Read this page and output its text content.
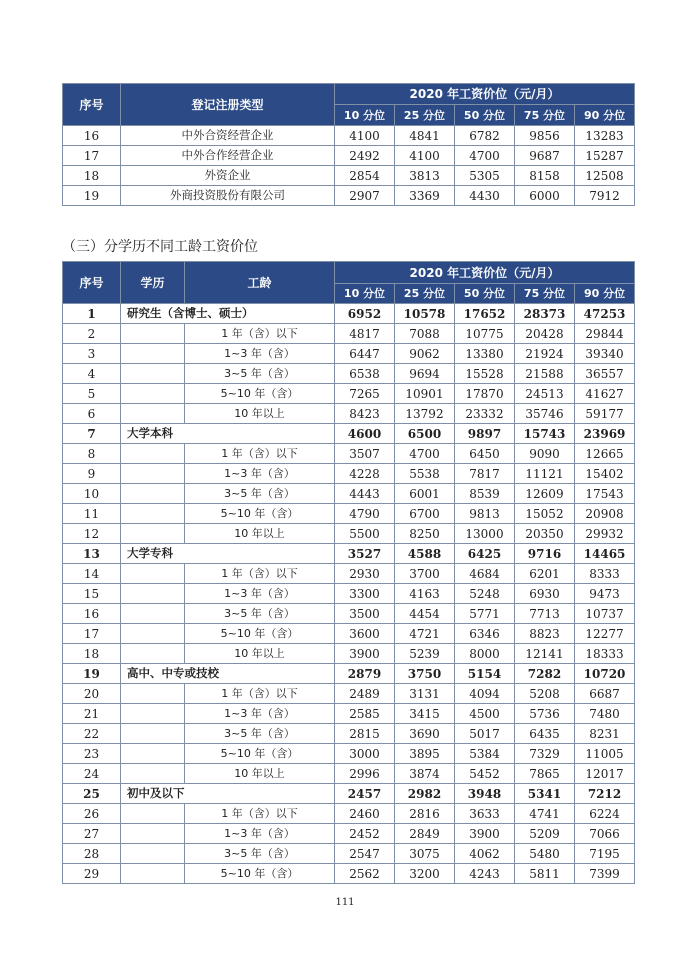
序号	登记注册类型	2020 年工资价位（元/月）				
		10 分位	25 分位	50 分位	75 分位	90 分位
16	中外合资经营企业	4100	4841	6782	9856	13283
17	中外合作经营企业	2492	4100	4700	9687	15287
18	外资企业	2854	3813	5305	8158	12508
19	外商投资股份有限公司	2907	3369	4430	6000	7912
（三）分学历不同工龄工资价位
序号	学历	工龄	2020 年工资价位（元/月）				
			10 分位	25 分位	50 分位	75 分位	90 分位
1	研究生（含博士、硕士）		6952	10578	17652	28373	47253
2		1 年（含）以下	4817	7088	10775	20428	29844
3		1~3 年（含）	6447	9062	13380	21924	39340
4		3~5 年（含）	6538	9694	15528	21588	36557
5		5~10 年（含）	7265	10901	17870	24513	41627
6		10 年以上	8423	13792	23332	35746	59177
7	大学本科		4600	6500	9897	15743	23969
8		1 年（含）以下	3507	4700	6450	9090	12665
9		1~3 年（含）	4228	5538	7817	11121	15402
10		3~5 年（含）	4443	6001	8539	12609	17543
11		5~10 年（含）	4790	6700	9813	15052	20908
12		10 年以上	5500	8250	13000	20350	29932
13	大学专科		3527	4588	6425	9716	14465
14		1 年（含）以下	2930	3700	4684	6201	8333
15		1~3 年（含）	3300	4163	5248	6930	9473
16		3~5 年（含）	3500	4454	5771	7713	10737
17		5~10 年（含）	3600	4721	6346	8823	12277
18		10 年以上	3900	5239	8000	12141	18333
19	高中、中专或技校		2879	3750	5154	7282	10720
20		1 年（含）以下	2489	3131	4094	5208	6687
21		1~3 年（含）	2585	3415	4500	5736	7480
22		3~5 年（含）	2815	3690	5017	6435	8231
23		5~10 年（含）	3000	3895	5384	7329	11005
24		10 年以上	2996	3874	5452	7865	12017
25	初中及以下		2457	2982	3948	5341	7212
26		1 年（含）以下	2460	2816	3633	4741	6224
27		1~3 年（含）	2452	2849	3900	5209	7066
28		3~5 年（含）	2547	3075	4062	5480	7195
29		5~10 年（含）	2562	3200	4243	5811	7399
111
